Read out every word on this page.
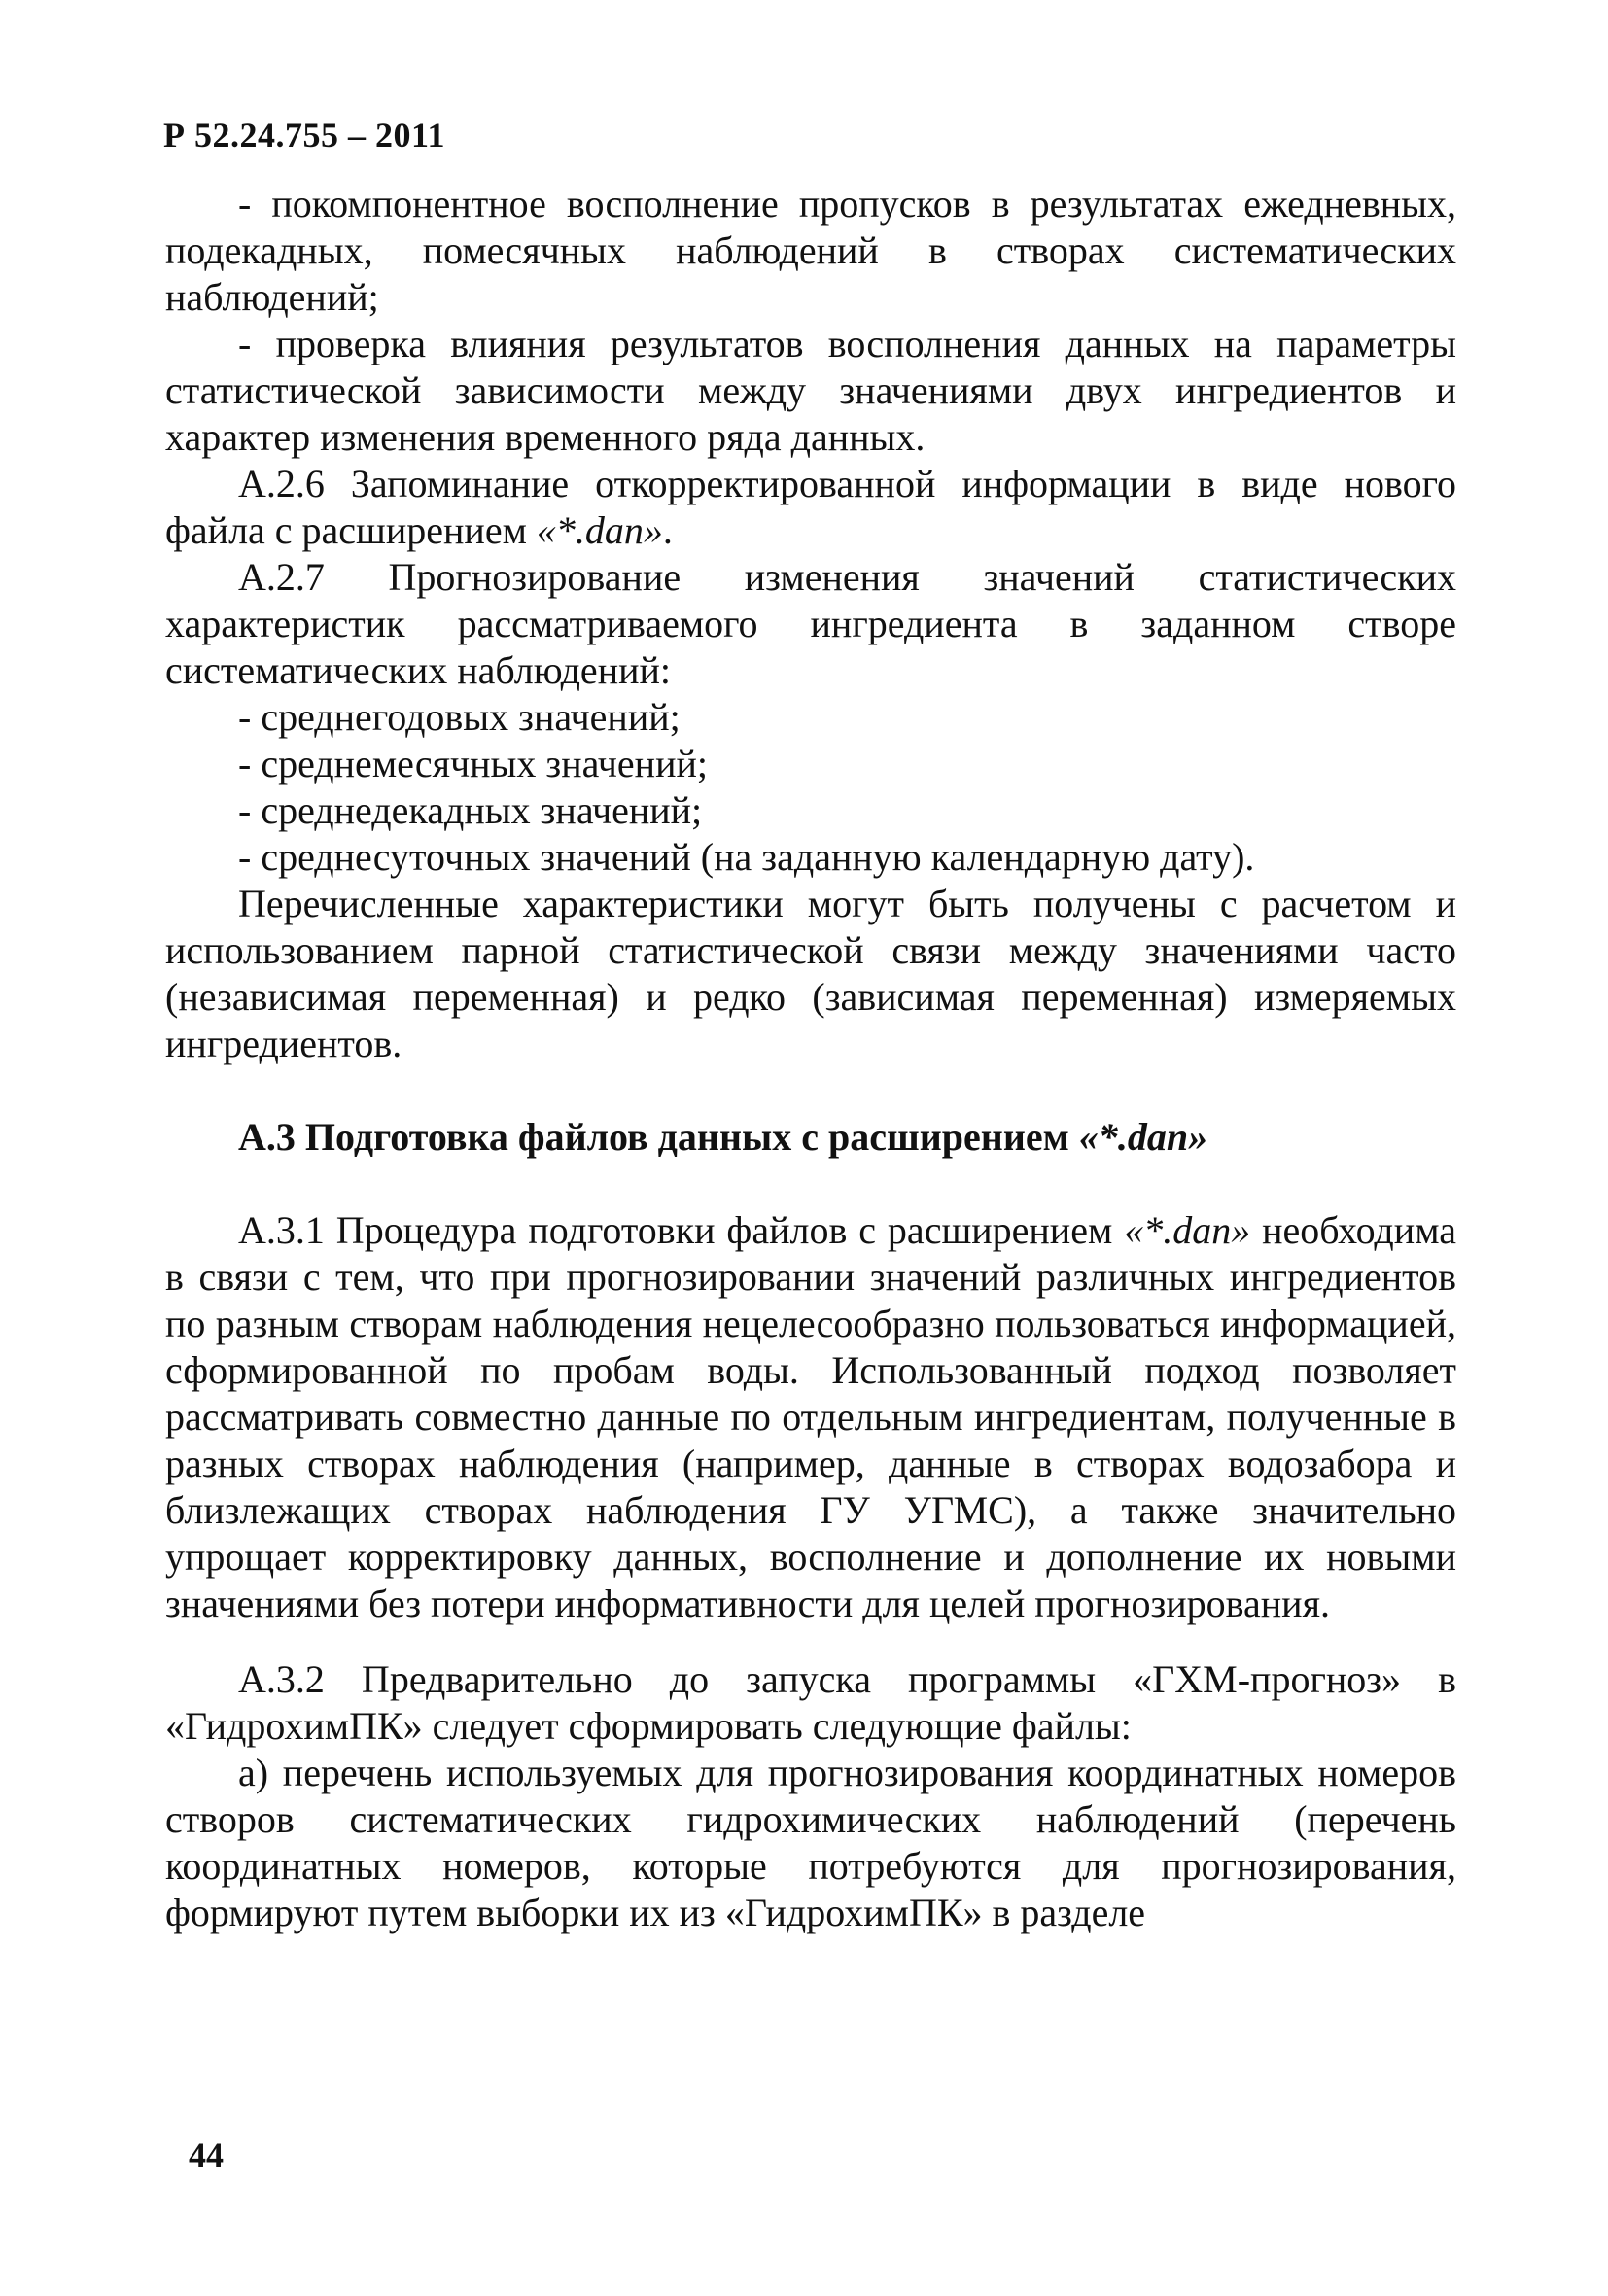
Р 52.24.755 – 2011

- покомпонентное восполнение пропусков в результатах ежедневных, подекадных, помесячных наблюдений в створах систематических наблюдений;

- проверка влияния результатов восполнения данных на параметры статистической зависимости между значениями двух ингредиентов и характер изменения временного ряда данных.

А.2.6 Запоминание откорректированной информации в виде нового файла с расширением «*.dan».

А.2.7 Прогнозирование изменения значений статистических характеристик рассматриваемого ингредиента в заданном створе систематических наблюдений:

- среднегодовых значений;

- среднемесячных значений;

- среднедекадных значений;

- среднесуточных значений (на заданную календарную дату).

Перечисленные характеристики могут быть получены с расчетом и использованием парной статистической связи между значениями часто (независимая переменная) и редко (зависимая переменная) измеряемых ингредиентов.

А.3 Подготовка файлов данных с расширением «*.dan»

А.3.1 Процедура подготовки файлов с расширением «*.dan» необходима в связи с тем, что при прогнозировании значений различных ингредиентов по разным створам наблюдения нецелесообразно пользоваться информацией, сформированной по пробам воды. Использованный подход позволяет рассматривать совместно данные по отдельным ингредиентам, полученные в разных створах наблюдения (например, данные в створах водозабора и близлежащих створах наблюдения ГУ УГМС), а также значительно упрощает корректировку данных, восполнение и дополнение их новыми значениями без потери информативности для целей прогнозирования.

А.3.2 Предварительно до запуска программы «ГХМ-прогноз» в «ГидрохимПК» следует сформировать следующие файлы:

а) перечень используемых для прогнозирования координатных номеров створов систематических гидрохимических наблюдений (перечень координатных номеров, которые потребуются для прогнозирования, формируют путем выборки их из «ГидрохимПК» в разделе

44
